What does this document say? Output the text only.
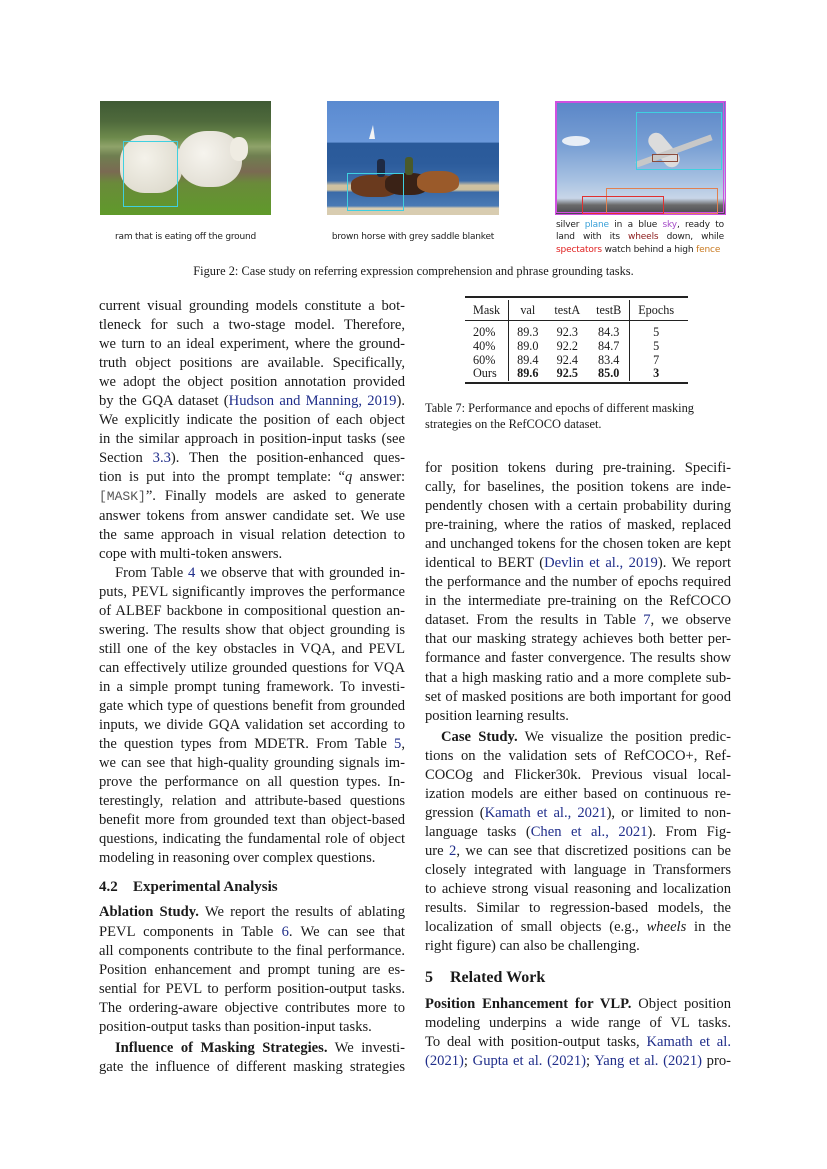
ram that is eating off the ground	brown horse with grey saddle blanket
silver plane in a blue sky, ready to
land with its wheels down, while
spectators watch behind a high fence
Figure 2: Case study on referring expression comprehension and phrase grounding tasks.
current visual grounding models constitute a bot-
tleneck for such a two-stage model. Therefore,
we turn to an ideal experiment, where the ground-
truth object positions are available. Specifically,
we adopt the object position annotation provided
by the GQA dataset (Hudson and Manning, 2019).
We explicitly indicate the position of each object
in the similar approach in position-input tasks (see
Section 3.3). Then the position-enhanced ques-
tion is put into the prompt template: “q answer:
[MASK]”. Finally models are asked to generate
answer tokens from answer candidate set. We use
the same approach in visual relation detection to
cope with multi-token answers.
From Table 4 we observe that with grounded in-
puts, PEVL significantly improves the performance
of ALBEF backbone in compositional question an-
swering. The results show that object grounding is
still one of the key obstacles in VQA, and PEVL
can effectively utilize grounded questions for VQA
in a simple prompt tuning framework. To investi-
gate which type of questions benefit from grounded
inputs, we divide GQA validation set according to
the question types from MDETR. From Table 5,
we can see that high-quality grounding signals im-
prove the performance on all question types. In-
terestingly, relation and attribute-based questions
benefit more from grounded text than object-based
questions, indicating the fundamental role of object
modeling in reasoning over complex questions.
4.2 Experimental Analysis
Ablation Study. We report the results of ablating
PEVL components in Table 6. We can see that
all components contribute to the final performance.
Position enhancement and prompt tuning are es-
sential for PEVL to perform position-output tasks.
The ordering-aware objective contributes more to
position-output tasks than position-input tasks.
Influence of Masking Strategies. We investi-
gate the influence of different masking strategies
Mask	val	testA	testB	Epochs

20%	89.3	92.3	84.3	5
40%	89.0	92.2	84.7	5
60%	89.4	92.4	83.4	7
Ours	89.6	92.5	85.0	3
Table 7: Performance and epochs of different masking strategies on the RefCOCO dataset.
for position tokens during pre-training. Specifi-
cally, for baselines, the position tokens are inde-
pendently chosen with a certain probability during
pre-training, where the ratios of masked, replaced
and unchanged tokens for the chosen token are kept
identical to BERT (Devlin et al., 2019). We report
the performance and the number of epochs required
in the intermediate pre-training on the RefCOCO
dataset. From the results in Table 7, we observe
that our masking strategy achieves both better per-
formance and faster convergence. The results show
that a high masking ratio and a more complete sub-
set of masked positions are both important for good
position learning results.
Case Study. We visualize the position predic-
tions on the validation sets of RefCOCO+, Ref-
COCOg and Flicker30k. Previous visual local-
ization models are either based on continuous re-
gression (Kamath et al., 2021), or limited to non-
language tasks (Chen et al., 2021). From Fig-
ure 2, we can see that discretized positions can be
closely integrated with language in Transformers
to achieve strong visual reasoning and localization
results. Similar to regression-based models, the
localization of small objects (e.g., wheels in the
right figure) can also be challenging.
5 Related Work
Position Enhancement for VLP. Object position
modeling underpins a wide range of VL tasks.
To deal with position-output tasks, Kamath et al.
(2021); Gupta et al. (2021); Yang et al. (2021) pro-
